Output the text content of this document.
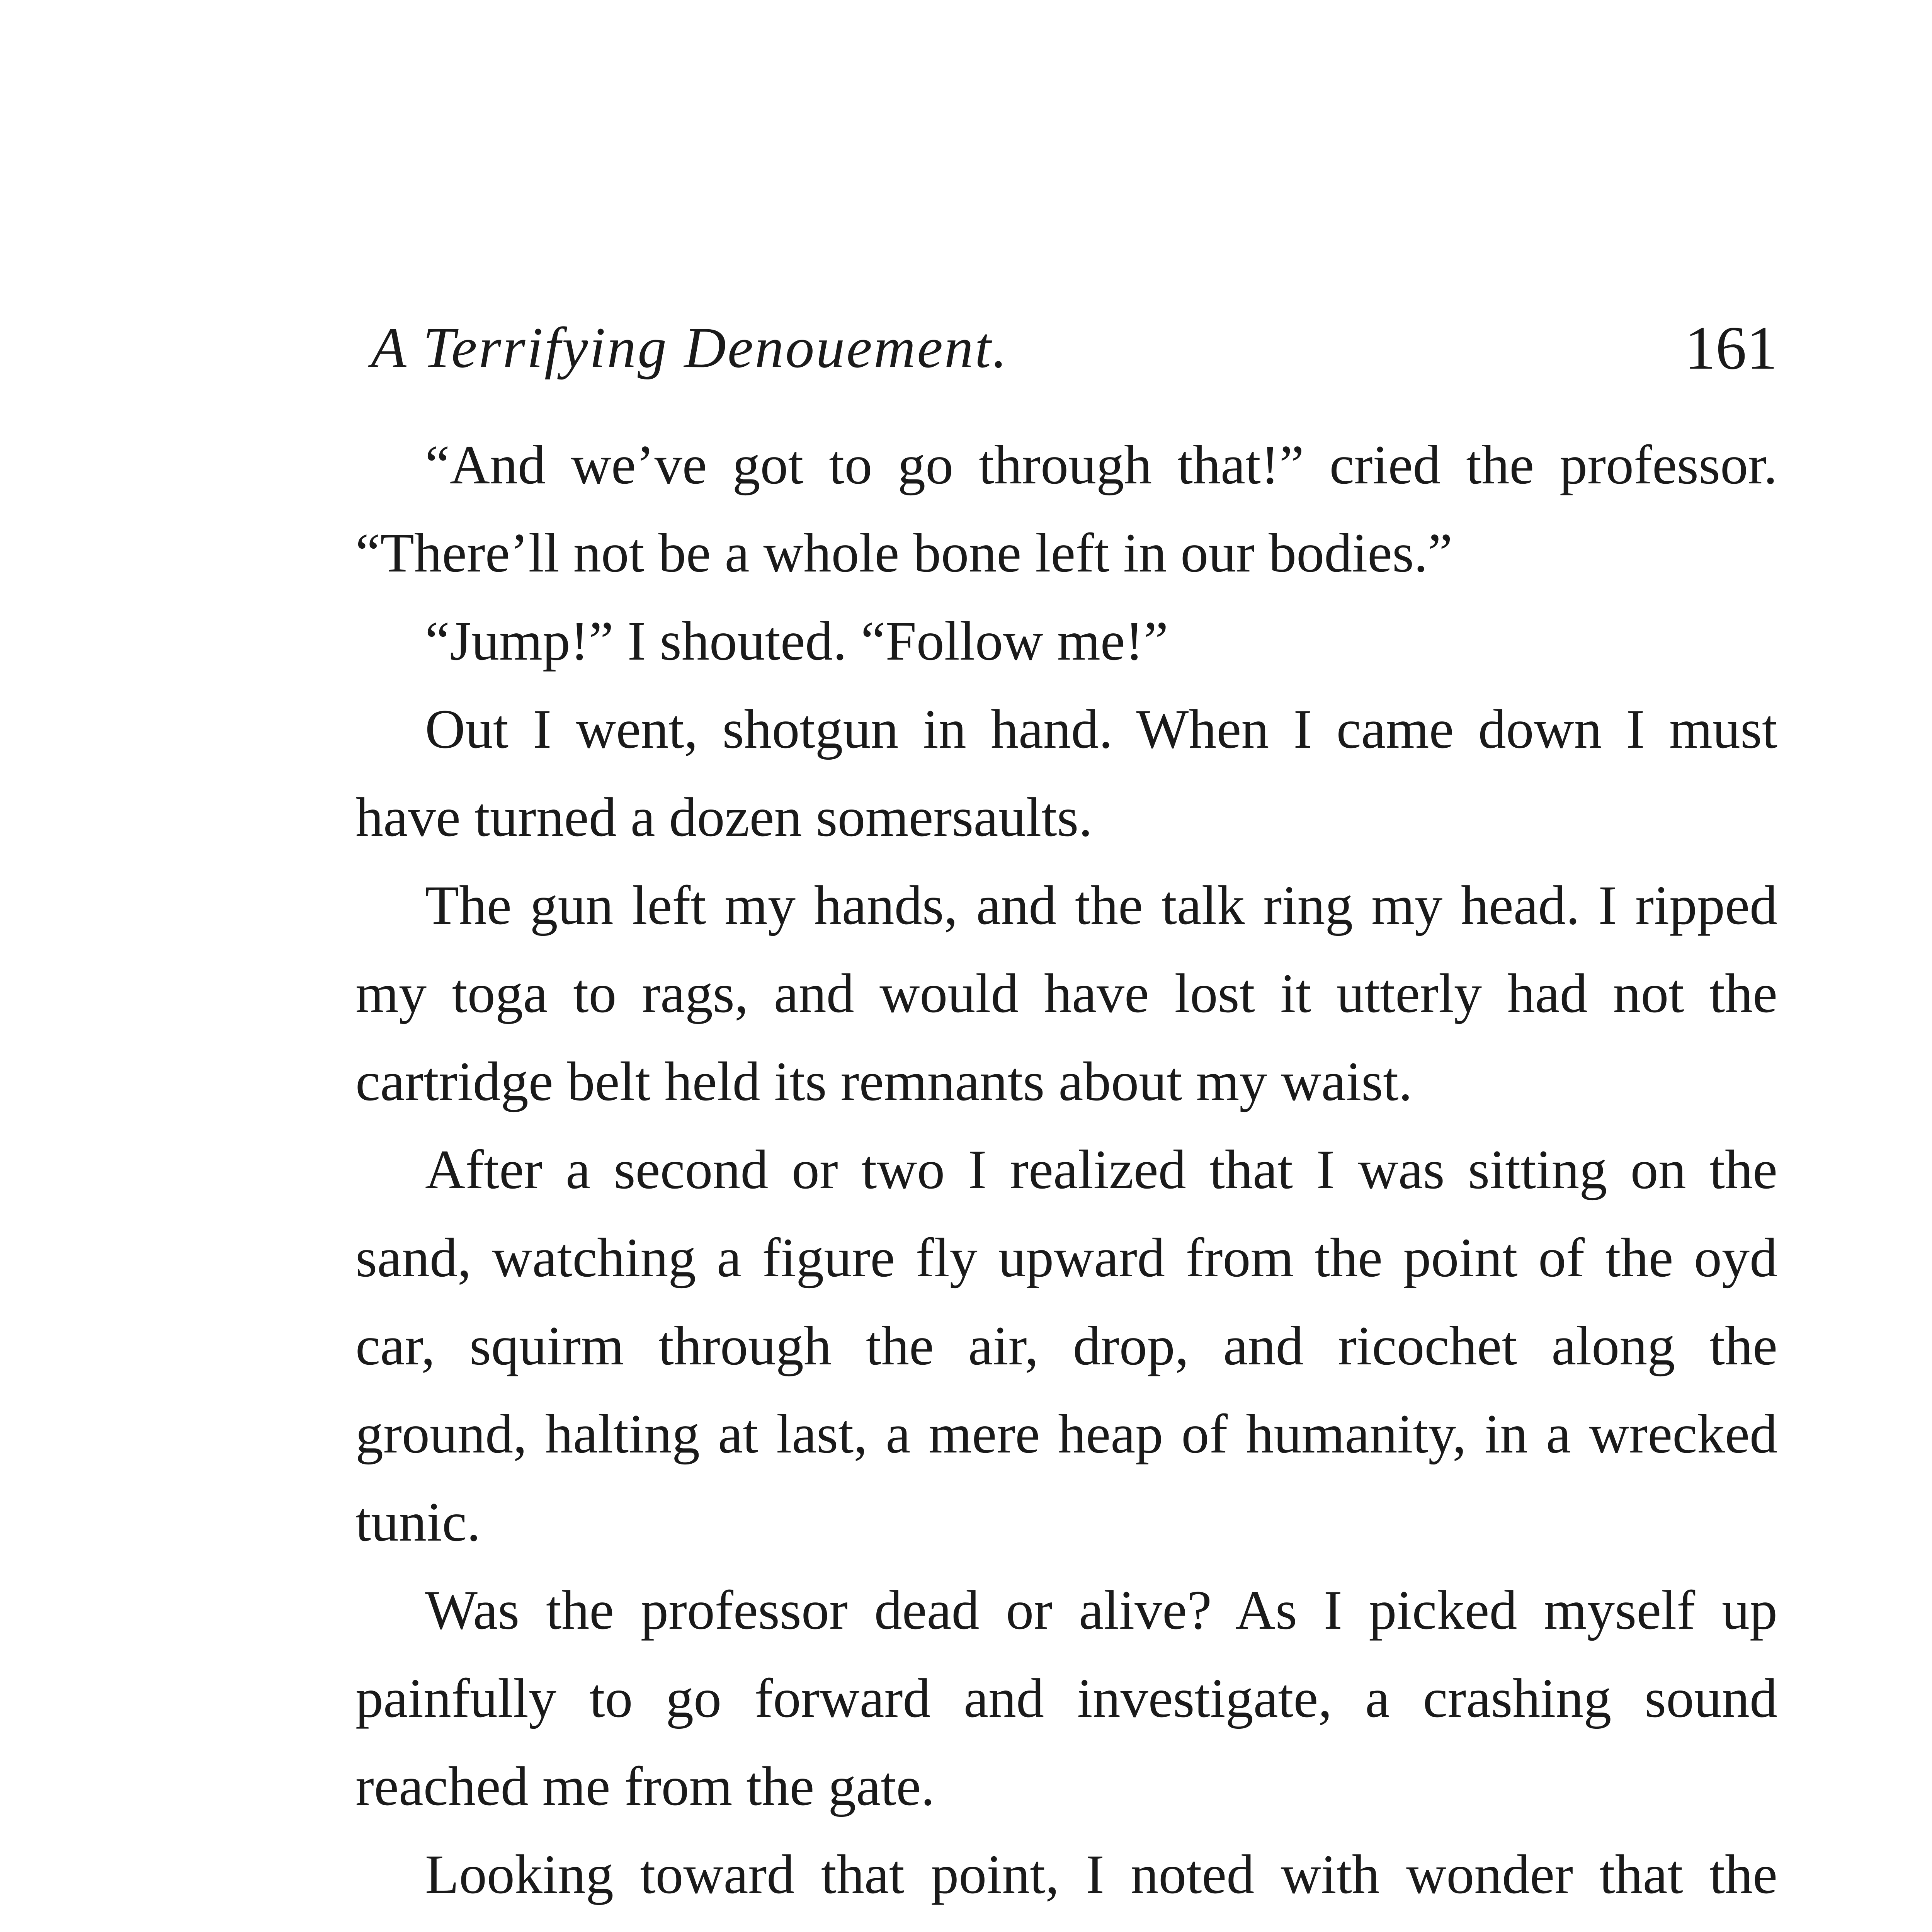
A Terrifying Denouement.	161

“And we’ve got to go through that!” cried the professor. “There’ll not be a whole bone left in our bodies.”

“Jump!” I shouted. “Follow me!”

Out I went, shotgun in hand. When I came down I must have turned a dozen somersaults.

The gun left my hands, and the talk ring my head. I ripped my toga to rags, and would have lost it utterly had not the cartridge belt held its remnants about my waist.

After a second or two I realized that I was sitting on the sand, watching a figure fly upward from the point of the oyd car, squirm through the air, drop, and ricochet along the ground, halting at last, a mere heap of humanity, in a wrecked tunic.

Was the professor dead or alive? As I picked myself up painfully to go forward and investigate, a crashing sound reached me from the gate.

Looking toward that point, I noted with wonder that the
